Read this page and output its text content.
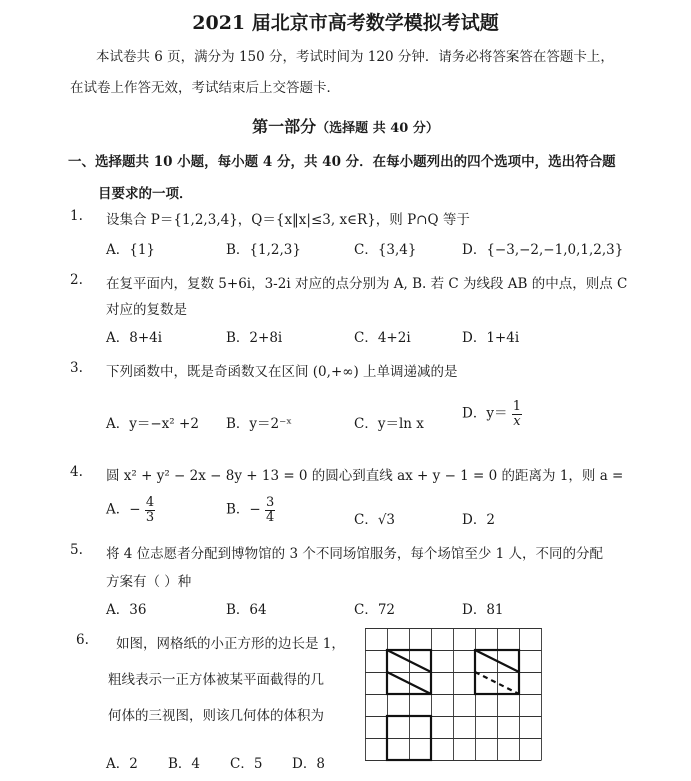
2021 届北京市高考数学模拟考试题
本试卷共 6 页，满分为 150 分，考试时间为 120 分钟．请务必将答案答在答题卡上，
在试卷上作答无效，考试结束后上交答题卡．
第一部分（选择题 共 40 分）
一、选择题共 10 小题，每小题 4 分，共 40 分．在每小题列出的四个选项中，选出符合题
目要求的一项．
1. 设集合 P＝{1,2,3,4}，Q＝{x‖x|≤3, x∈R}，则 P∩Q 等于
A．{1}	B．{1,2,3}	C．{3,4}	D．{−3,−2,−1,0,1,2,3}
2. 在复平面内，复数 5+6i，3-2i 对应的点分别为 A, B. 若 C 为线段 AB 的中点，则点 C
对应的复数是
A．8+4i	B．2+8i	C．4+2i	D．1+4i
3. 下列函数中，既是奇函数又在区间 (0,+∞) 上单调递减的是
A．y＝−x² +2 B．y＝2⁻ˣ	C．y＝ln x
D．$y= \frac{1}{x}$
4. 圆 x² + y² − 2x − 8y + 13 = 0 的圆心到直线 ax + y − 1 = 0 的距离为 1，则 a =
A．− $\frac{4}{3}$	B．− $\frac{3}{4}$	C．√3	D．2
5. 将 4 位志愿者分配到博物馆的 3 个不同场馆服务，每个场馆至少 1 人，不同的分配
方案有（ ）种
A．36	B．64	C．72	D．81
6. 如图，网格纸的小正方形的边长是 1，
粗线表示一正方体被某平面截得的几
何体的三视图，则该几何体的体积为
A．2 B．4 C．5 D．8
